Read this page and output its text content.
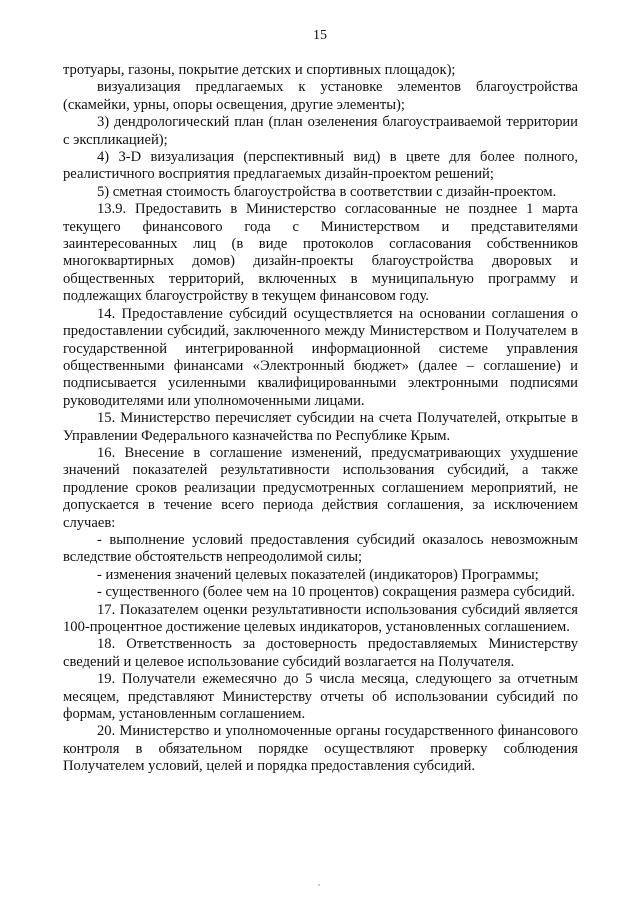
15

тротуары, газоны, покрытие детских и спортивных площадок);

визуализация предлагаемых к установке элементов благоустройства (скамейки, урны, опоры освещения, другие элементы);

3) дендрологический план (план озеленения благоустраиваемой территории с экспликацией);

4) 3-D визуализация (перспективный вид) в цвете для более полного, реалистичного восприятия предлагаемых дизайн-проектом решений;

5) сметная стоимость благоустройства в соответствии с дизайн-проектом.

13.9. Предоставить в Министерство согласованные не позднее 1 марта текущего финансового года с Министерством и представителями заинтересованных лиц (в виде протоколов согласования собственников многоквартирных домов) дизайн-проекты благоустройства дворовых и общественных территорий, включенных в муниципальную программу и подлежащих благоустройству в текущем финансовом году.

14. Предоставление субсидий осуществляется на основании соглашения о предоставлении субсидий, заключенного между Министерством и Получателем в государственной интегрированной информационной системе управления общественными финансами «Электронный бюджет» (далее – соглашение) и подписывается усиленными квалифицированными электронными подписями руководителями или уполномоченными лицами.

15. Министерство перечисляет субсидии на счета Получателей, открытые в Управлении Федерального казначейства по Республике Крым.

16. Внесение в соглашение изменений, предусматривающих ухудшение значений показателей результативности использования субсидий, а также продление сроков реализации предусмотренных соглашением мероприятий, не допускается в течение всего периода действия соглашения, за исключением случаев:

- выполнение условий предоставления субсидий оказалось невозможным вследствие обстоятельств непреодолимой силы;

- изменения значений целевых показателей (индикаторов) Программы;

- существенного (более чем на 10 процентов) сокращения размера субсидий.

17. Показателем оценки результативности использования субсидий является 100-процентное достижение целевых индикаторов, установленных соглашением.

18. Ответственность за достоверность предоставляемых Министерству сведений и целевое использование субсидий возлагается на Получателя.

19. Получатели ежемесячно до 5 числа месяца, следующего за отчетным месяцем, представляют Министерству отчеты об использовании субсидий по формам, установленным соглашением.

20. Министерство и уполномоченные органы государственного финансового контроля в обязательном порядке осуществляют проверку соблюдения Получателем условий, целей и порядка предоставления субсидий.
